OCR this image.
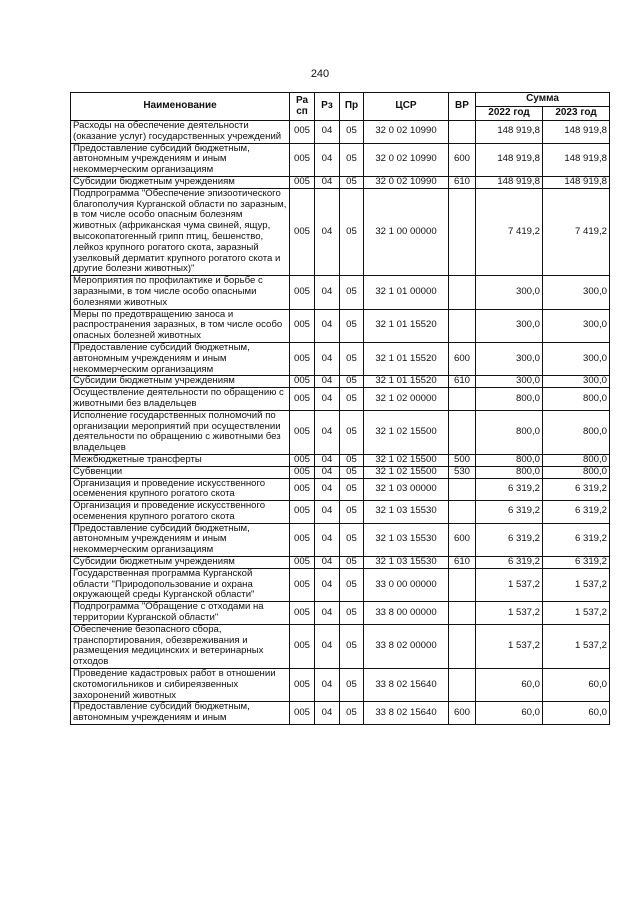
240
Наименование	Ра сп	Рз	Пр	ЦСР	ВР	Сумма	
						2022 год	2023 год
Расходы на обеспечение деятельности (оказание услуг) государственных учреждений	005	04	05	32 0 02 10990		148 919,8	148 919,8
Предоставление субсидий бюджетным, автономным учреждениям и иным некоммерческим организациям	005	04	05	32 0 02 10990	600	148 919,8	148 919,8
Субсидии бюджетным учреждениям	005	04	05	32 0 02 10990	610	148 919,8	148 919,8
Подпрограмма "Обеспечение эпизоотического благополучия Курганской области по заразным, в том числе особо опасным болезням животных (африканская чума свиней, ящур, высокопатогенный грипп птиц, бешенство, лейкоз крупного рогатого скота, заразный узелковый дерматит крупного рогатого скота и другие болезни животных)"	005	04	05	32 1 00 00000		7 419,2	7 419,2
Мероприятия по профилактике и борьбе с заразными, в том числе особо опасными болезнями животных	005	04	05	32 1 01 00000		300,0	300,0
Меры по предотвращению заноса и распространения заразных, в том числе особо опасных болезней животных	005	04	05	32 1 01 15520		300,0	300,0
Предоставление субсидий бюджетным, автономным учреждениям и иным некоммерческим организациям	005	04	05	32 1 01 15520	600	300,0	300,0
Субсидии бюджетным учреждениям	005	04	05	32 1 01 15520	610	300,0	300,0
Осуществление деятельности по обращению с животными без владельцев	005	04	05	32 1 02 00000		800,0	800,0
Исполнение государственных полномочий по организации мероприятий при осуществлении деятельности по обращению с животными без владельцев	005	04	05	32 1 02 15500		800,0	800,0
Межбюджетные трансферты	005	04	05	32 1 02 15500	500	800,0	800,0
Субвенции	005	04	05	32 1 02 15500	530	800,0	800,0
Организация и проведение искусственного осеменения крупного рогатого скота	005	04	05	32 1 03 00000		6 319,2	6 319,2
Организация и проведение искусственного осеменения крупного рогатого скота	005	04	05	32 1 03 15530		6 319,2	6 319,2
Предоставление субсидий бюджетным, автономным учреждениям и иным некоммерческим организациям	005	04	05	32 1 03 15530	600	6 319,2	6 319,2
Субсидии бюджетным учреждениям	005	04	05	32 1 03 15530	610	6 319,2	6 319,2
Государственная программа Курганской области "Природопользование и охрана окружающей среды Курганской области"	005	04	05	33 0 00 00000		1 537,2	1 537,2
Подпрограмма "Обращение с отходами на территории Курганской области"	005	04	05	33 8 00 00000		1 537,2	1 537,2
Обеспечение безопасного сбора, транспортирования, обезвреживания и размещения медицинских и ветеринарных отходов	005	04	05	33 8 02 00000		1 537,2	1 537,2
Проведение кадастровых работ в отношении скотомогильников и сибиреязвенных захоронений животных	005	04	05	33 8 02 15640		60,0	60,0
Предоставление субсидий бюджетным, автономным учреждениям и иным	005	04	05	33 8 02 15640	600	60,0	60,0
